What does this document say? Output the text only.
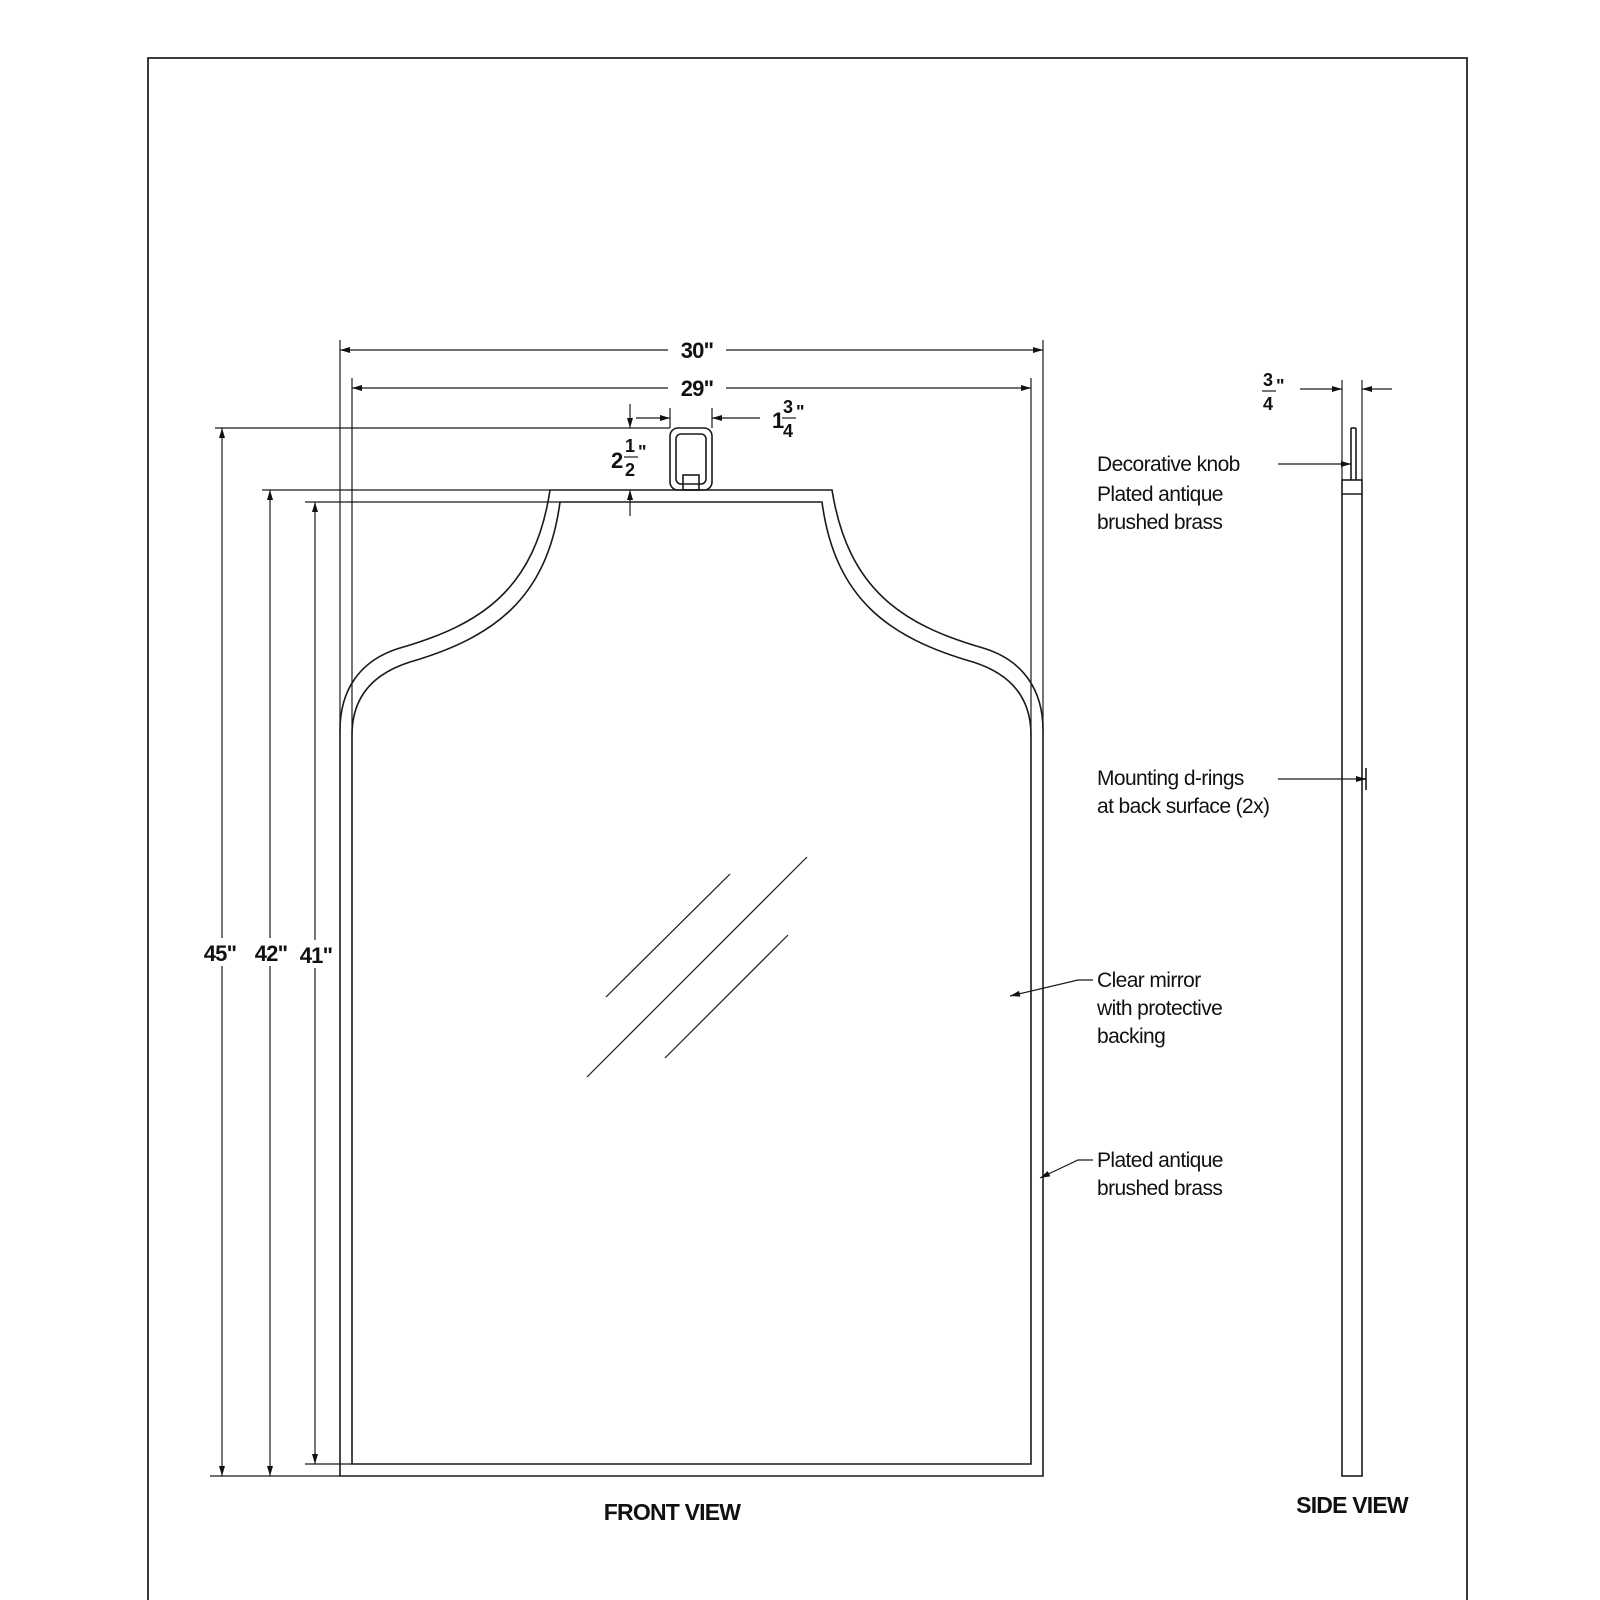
30"
29"
1
3
4
"
2
1
2
"
45" 42" 41"
FRONT VIEW
3
4
"
SIDE VIEW
Decorative knob
Plated antique
brushed brass
Mounting d-rings
at back surface (2x)
Clear mirror
with protective
backing
Plated antique
brushed brass
